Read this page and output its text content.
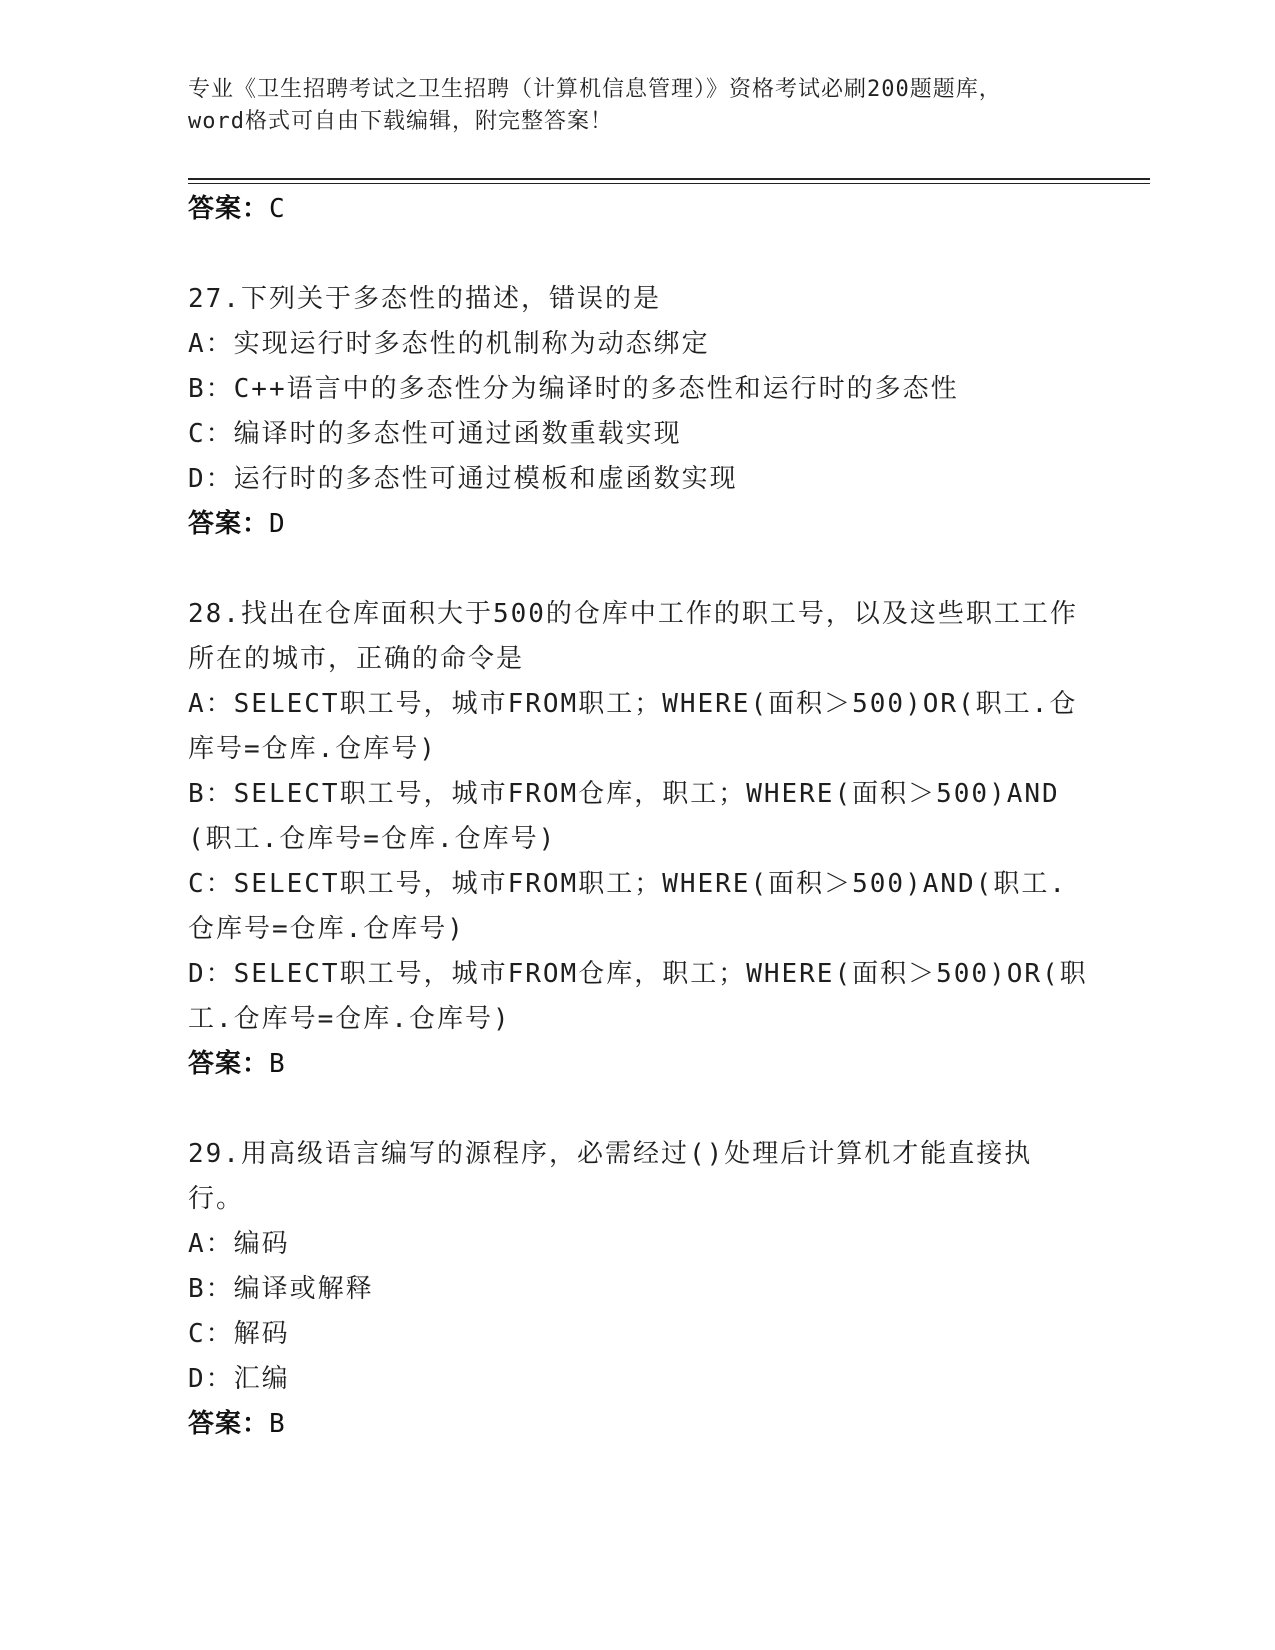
专业《卫生招聘考试之卫生招聘（计算机信息管理）》资格考试必刷200题题库，
word格式可自由下载编辑，附完整答案！
答案：C
27.下列关于多态性的描述，错误的是
A：实现运行时多态性的机制称为动态绑定
B：C++语言中的多态性分为编译时的多态性和运行时的多态性
C：编译时的多态性可通过函数重载实现
D：运行时的多态性可通过模板和虚函数实现
答案：D
28.找出在仓库面积大于500的仓库中工作的职工号，以及这些职工工作所在的城市，正确的命令是
A：SELECT职工号，城市FROM职工；WHERE(面积＞500)OR(职工.仓库号=仓库.仓库号)
B：SELECT职工号，城市FROM仓库，职工；WHERE(面积＞500)AND(职工.仓库号=仓库.仓库号)
C：SELECT职工号，城市FROM职工；WHERE(面积＞500)AND(职工.仓库号=仓库.仓库号)
D：SELECT职工号，城市FROM仓库，职工；WHERE(面积＞500)OR(职工.仓库号=仓库.仓库号)
答案：B
29.用高级语言编写的源程序，必需经过()处理后计算机才能直接执行。
A：编码
B：编译或解释
C：解码
D：汇编
答案：B
